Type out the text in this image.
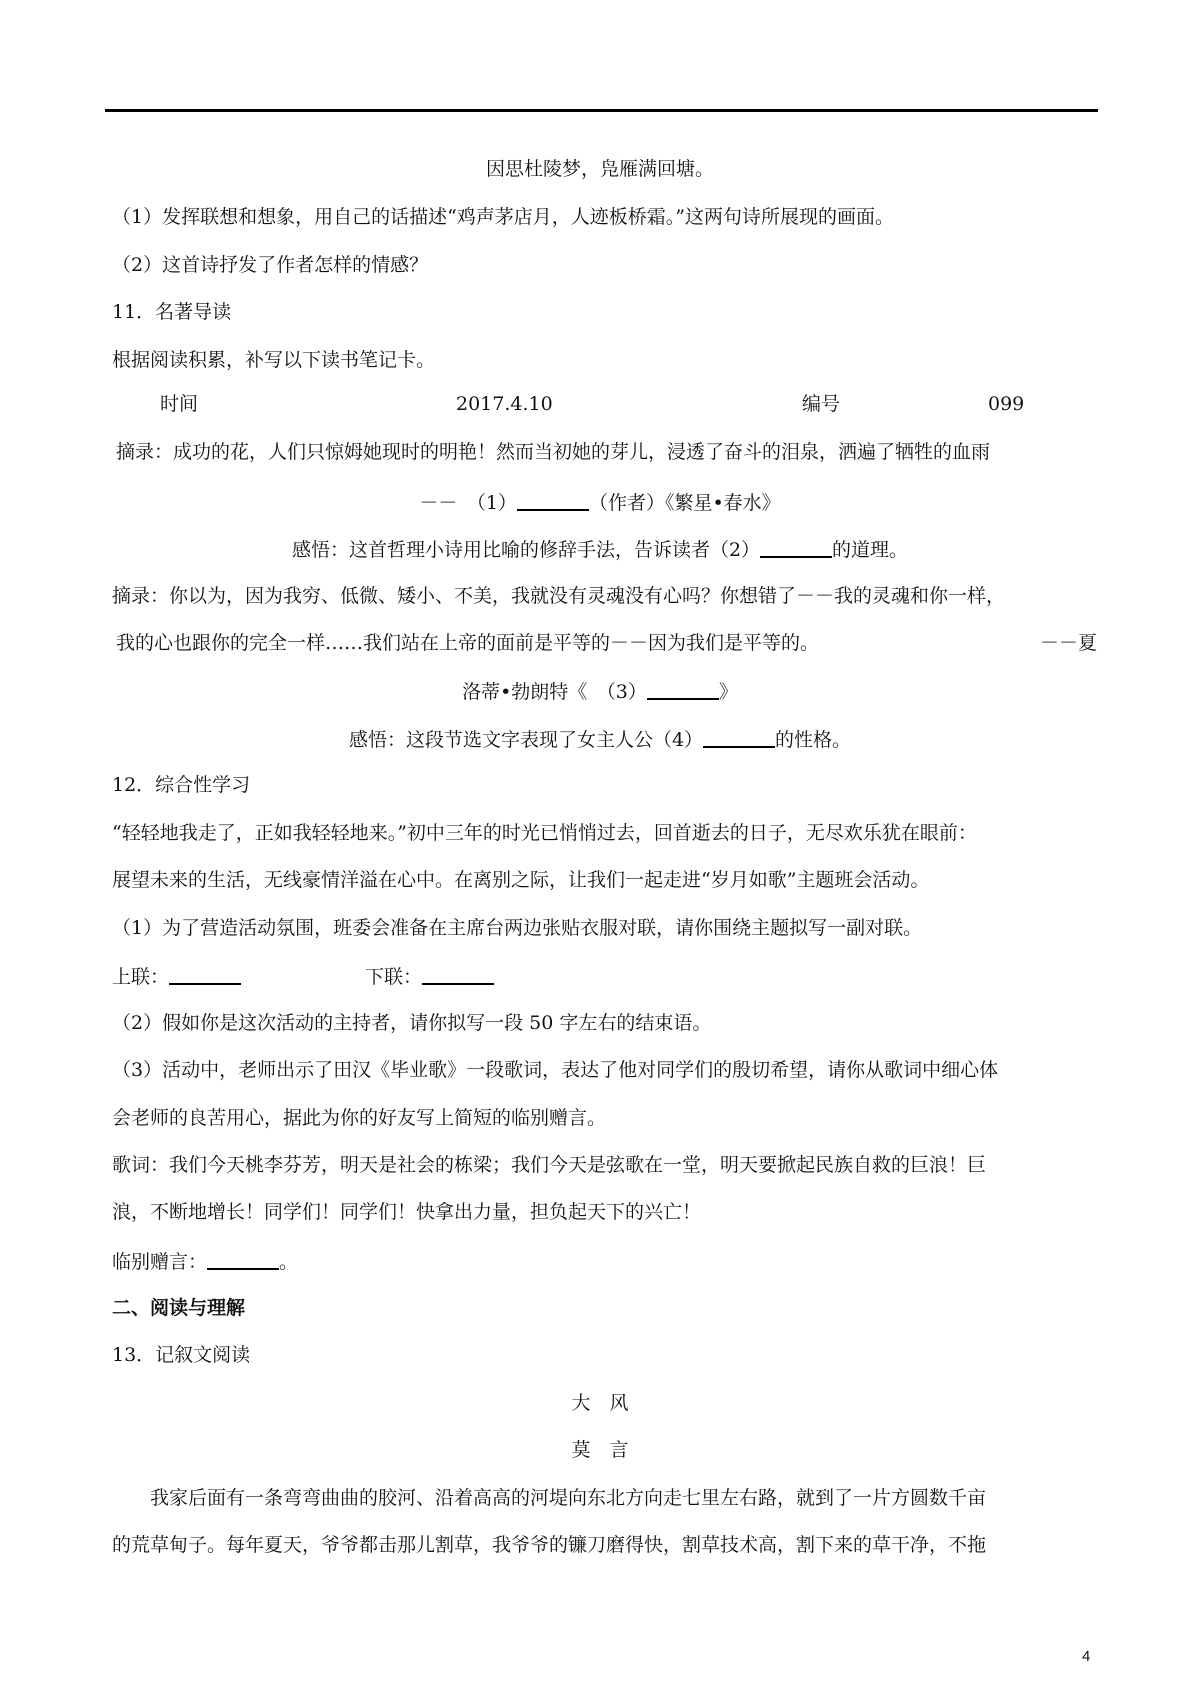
因思杜陵梦，凫雁满回塘。
（1）发挥联想和想象，用自己的话描述“鸡声茅店月，人迹板桥霜。”这两句诗所展现的画面。
（2）这首诗抒发了作者怎样的情感？
11．名著导读
根据阅读积累，补写以下读书笔记卡。
时间	2017.4.10	编号	099
摘录：成功的花，人们只惊姆她现时的明艳！然而当初她的芽儿，浸透了奋斗的泪泉，洒遍了牺牲的血雨
－－　（1）	（作者）《繁星•春水》
感悟：这首哲理小诗用比喻的修辞手法，告诉读者（2）	的道理。
摘录：你以为，因为我穷、低微、矮小、不美，我就没有灵魂没有心吗？你想错了－－我的灵魂和你一样，
我的心也跟你的完全一样……我们站在上帝的面前是平等的－－因为我们是平等的。	－－夏
洛蒂•勃朗特《　（3）	》
感悟：这段节选文字表现了女主人公（4）	的性格。
12．综合性学习
“轻轻地我走了，正如我轻轻地来。”初中三年的时光已悄悄过去，回首逝去的日子，无尽欢乐犹在眼前：
展望未来的生活，无线豪情洋溢在心中。在离别之际，让我们一起走进“岁月如歌”主题班会活动。
（1）为了营造活动氛围，班委会准备在主席台两边张贴衣服对联，请你围绕主题拟写一副对联。
上联：	下联：
（2）假如你是这次活动的主持者，请你拟写一段 50 字左右的结束语。
（3）活动中，老师出示了田汉《毕业歌》一段歌词，表达了他对同学们的殷切希望，请你从歌词中细心体
会老师的良苦用心，据此为你的好友写上简短的临别赠言。
歌词：我们今天桃李芬芳，明天是社会的栋梁；我们今天是弦歌在一堂，明天要掀起民族自救的巨浪！巨
浪，不断地增长！同学们！同学们！快拿出力量，担负起天下的兴亡！
临别赠言：	。
二、阅读与理解
13．记叙文阅读
大　风
莫　言
　　我家后面有一条弯弯曲曲的胶河、沿着高高的河堤向东北方向走七里左右路，就到了一片方圆数千亩
的荒草甸子。每年夏天，爷爷都击那儿割草，我爷爷的镰刀磨得快，割草技术高，割下来的草干净，不拖
4
